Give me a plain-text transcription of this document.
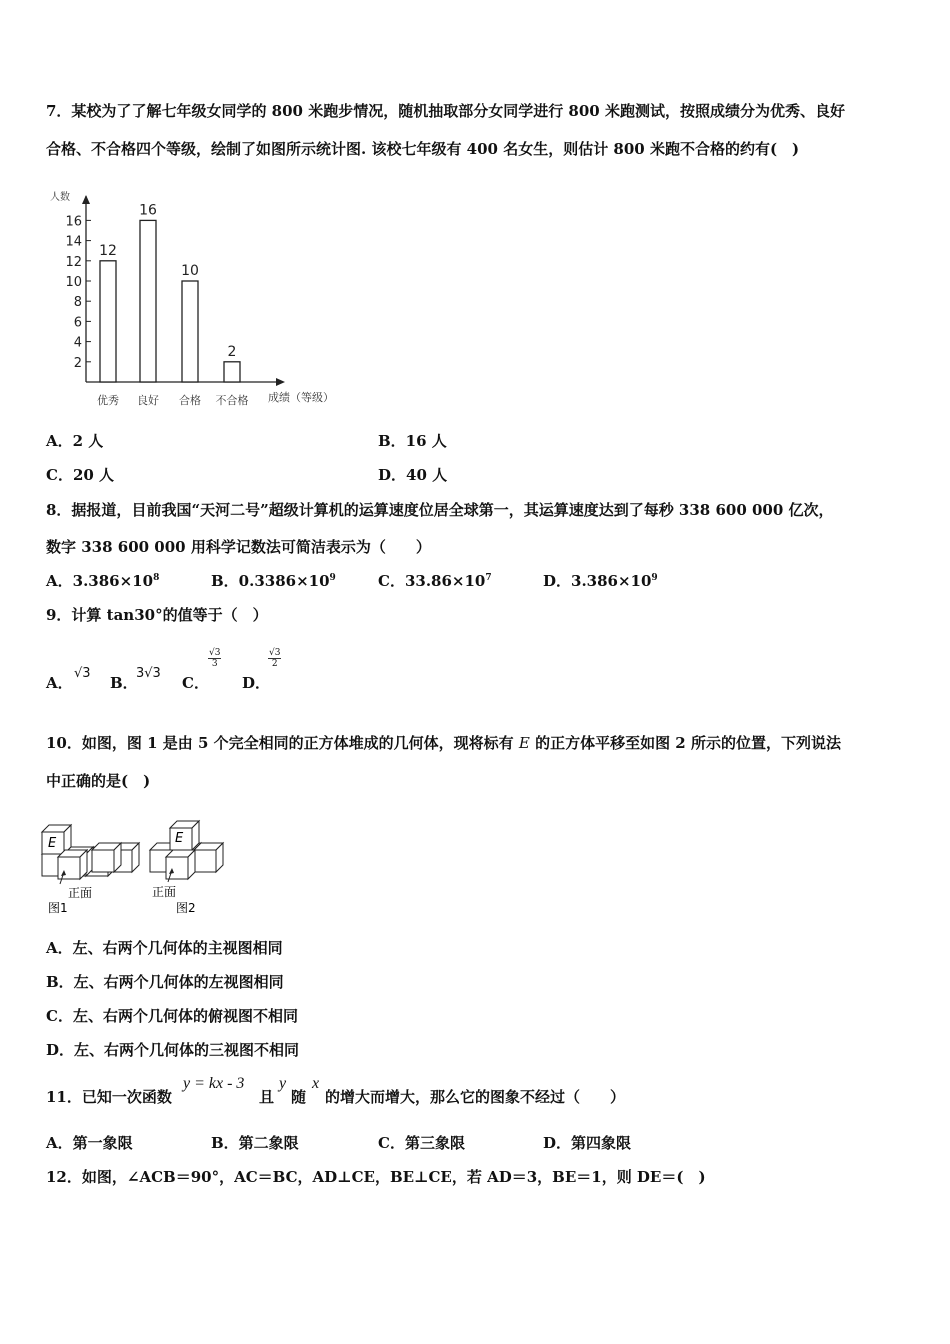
7．某校为了了解七年级女同学的 800 米跑步情况，随机抽取部分女同学进行 800 米跑测试，按照成绩分为优秀、良好
合格、不合格四个等级，绘制了如图所示统计图. 该校七年级有 400 名女生，则估计 800 米跑不合格的约有(　)
人数
2
4
6
8
10
12
14
16
12
优秀
16
良好
10
合格
2
不合格 成绩（等级）
A．2 人	B．16 人
C．20 人	D．40 人
8．据报道，目前我国“天河二号”超级计算机的运算速度位居全球第一，其运算速度达到了每秒 338 600 000 亿次，
数字 338 600 000 用科学记数法可简洁表示为（　　）
A．$3.386\times 10^8$	B．$0.3386\times 10^9$	C．$33.86\times 10^7$	D．$3.386\times 10^9$
9．计算 tan30°的值等于（　）
A．
√3
B．
3√3
C．
$\frac{√3}{3}$
D．
$\frac{√3}{2}$
10．如图，图 1 是由 5 个完全相同的正方体堆成的几何体，现将标有 E 的正方体平移至如图 2 所示的位置，下列说法
中正确的是(　)
E
正面
图1
E
正面
图2
A．左、右两个几何体的主视图相同
B．左、右两个几何体的左视图相同
C．左、右两个几何体的俯视图不相同
D．左、右两个几何体的三视图不相同
11．已知一次函数
y = kx - 3
且
y
随
x
的增大而增大，那么它的图象不经过（　　）
A．第一象限	B．第二象限	C．第三象限	D．第四象限
12．如图，∠ACB＝90°，AC＝BC，AD⊥CE，BE⊥CE，若 AD＝3，BE＝1，则 DE＝(　)
